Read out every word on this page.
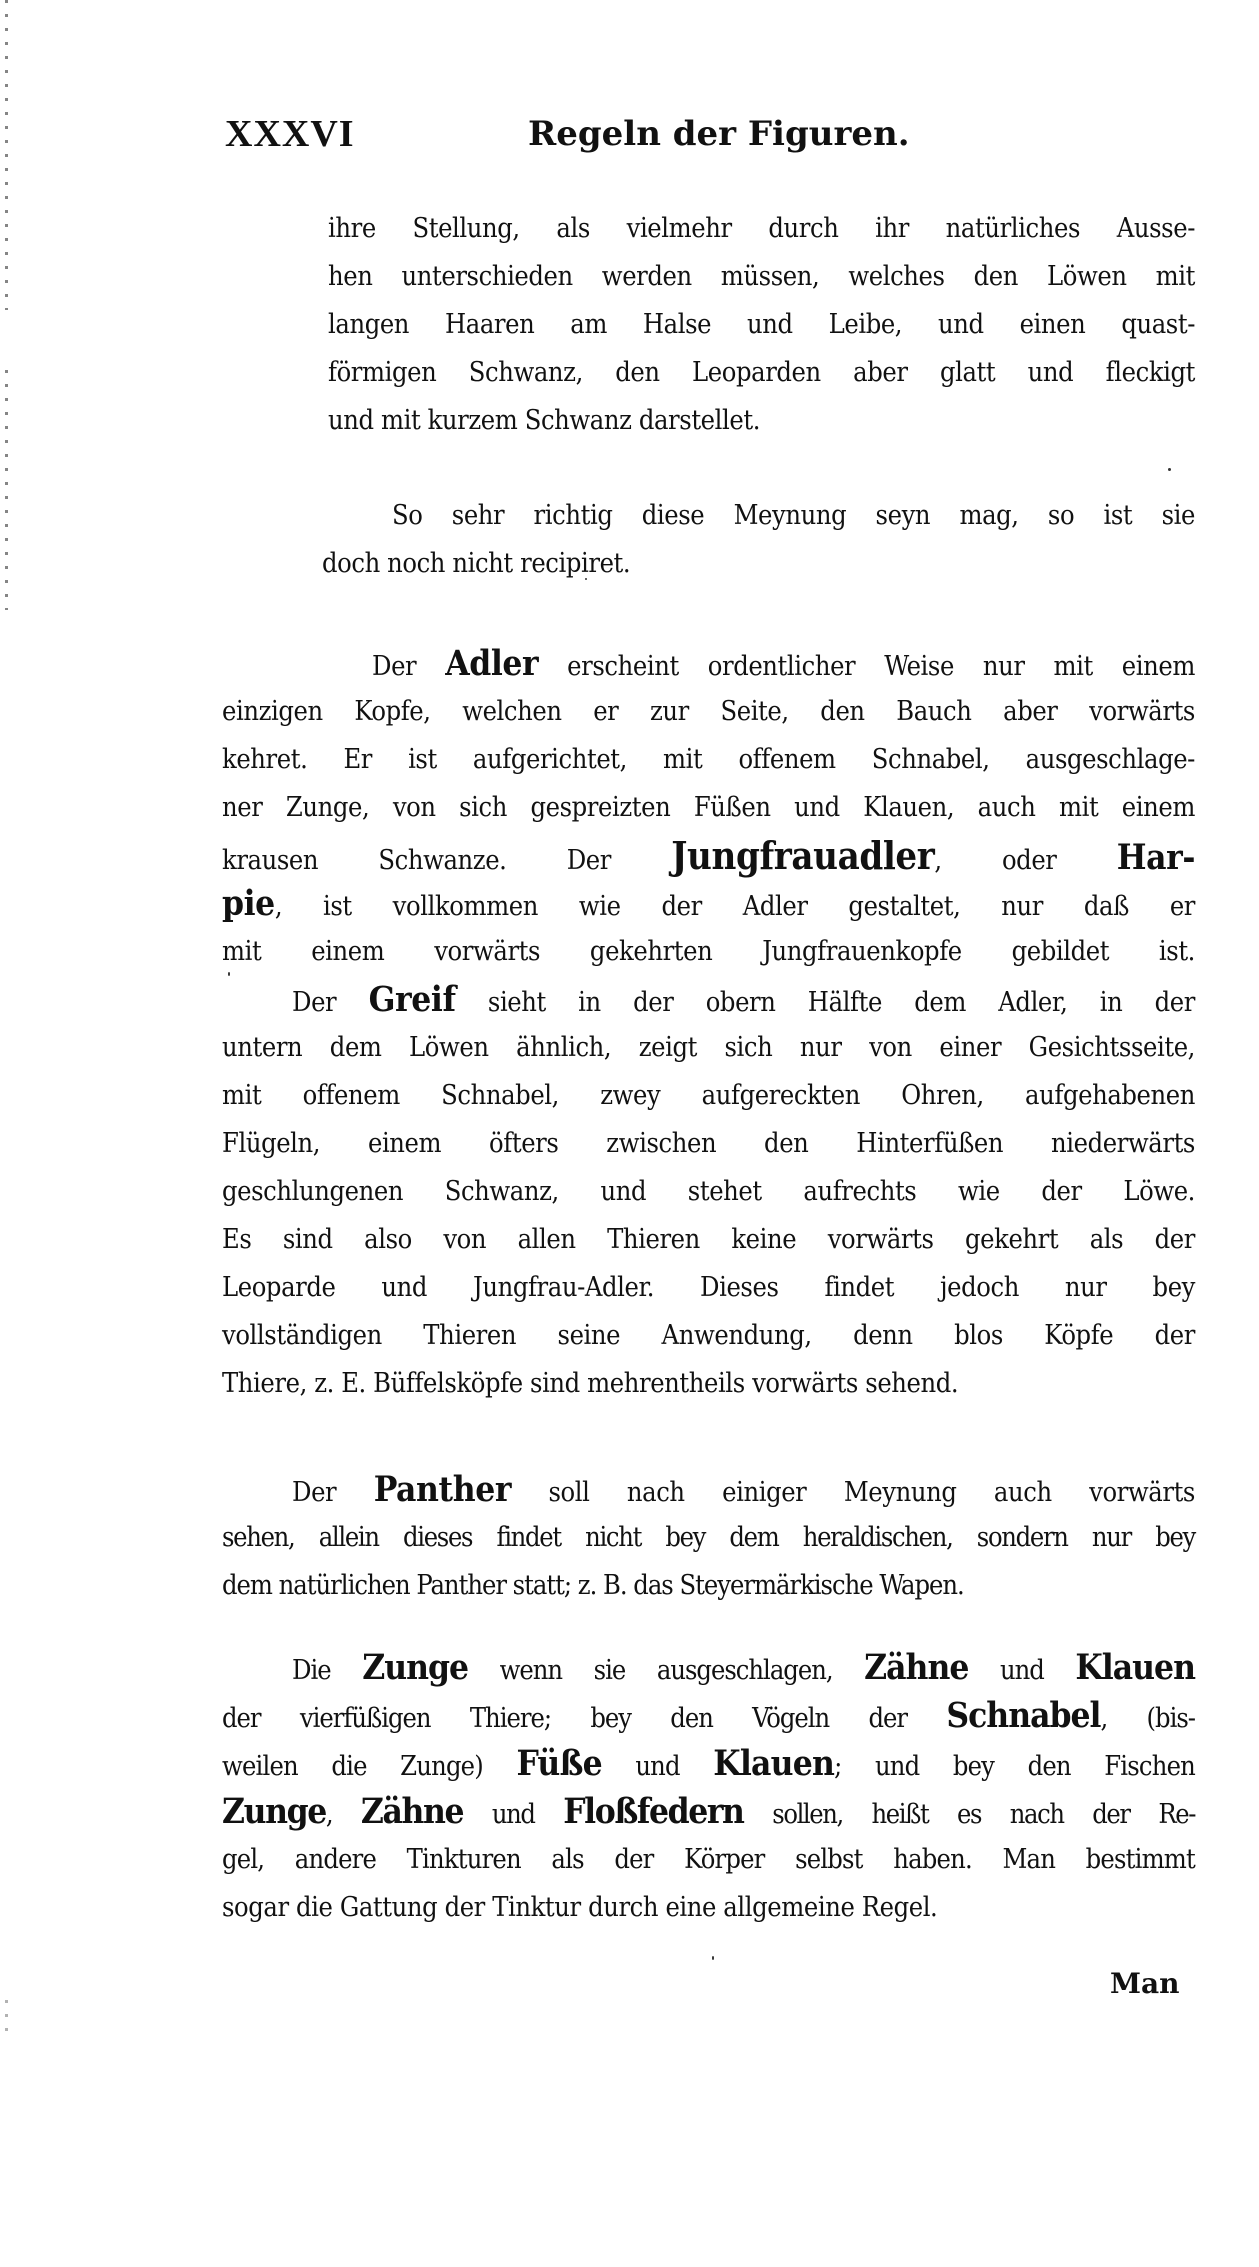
XXXVI	Regeln der Figuren.
ihre Stellung, als vielmehr durch ihr natürliches Ausse-
hen unterschieden werden müssen, welches den Löwen mit
langen Haaren am Halse und Leibe, und einen quast-
förmigen Schwanz, den Leoparden aber glatt und fleckigt
und mit kurzem Schwanz darstellet.
So sehr richtig diese Meynung seyn mag, so ist sie
doch noch nicht recipiret.
Der Adler erscheint ordentlicher Weise nur mit einem
einzigen Kopfe, welchen er zur Seite, den Bauch aber vorwärts
kehret. Er ist aufgerichtet, mit offenem Schnabel, ausgeschlage-
ner Zunge, von sich gespreizten Füßen und Klauen, auch mit einem
krausen Schwanze. Der Jungfrauadler, oder Har-
pie, ist vollkommen wie der Adler gestaltet, nur daß er
mit einem vorwärts gekehrten Jungfrauenkopfe gebildet ist.
Der Greif sieht in der obern Hälfte dem Adler, in der
untern dem Löwen ähnlich, zeigt sich nur von einer Gesichtsseite,
mit offenem Schnabel, zwey aufgereckten Ohren, aufgehabenen
Flügeln, einem öfters zwischen den Hinterfüßen niederwärts
geschlungenen Schwanz, und stehet aufrechts wie der Löwe.
Es sind also von allen Thieren keine vorwärts gekehrt als der
Leoparde und Jungfrau-Adler. Dieses findet jedoch nur bey
vollständigen Thieren seine Anwendung, denn blos Köpfe der
Thiere, z. E. Büffelsköpfe sind mehrentheils vorwärts sehend.
Der Panther soll nach einiger Meynung auch vorwärts
sehen, allein dieses findet nicht bey dem heraldischen, sondern nur bey
dem natürlichen Panther statt; z. B. das Steyermärkische Wapen.
Die Zunge wenn sie ausgeschlagen, Zähne und Klauen
der vierfüßigen Thiere; bey den Vögeln der Schnabel, (bis-
weilen die Zunge) Füße und Klauen; und bey den Fischen
Zunge, Zähne und Floßfedern sollen, heißt es nach der Re-
gel, andere Tinkturen als der Körper selbst haben. Man bestimmt
sogar die Gattung der Tinktur durch eine allgemeine Regel.
Man
